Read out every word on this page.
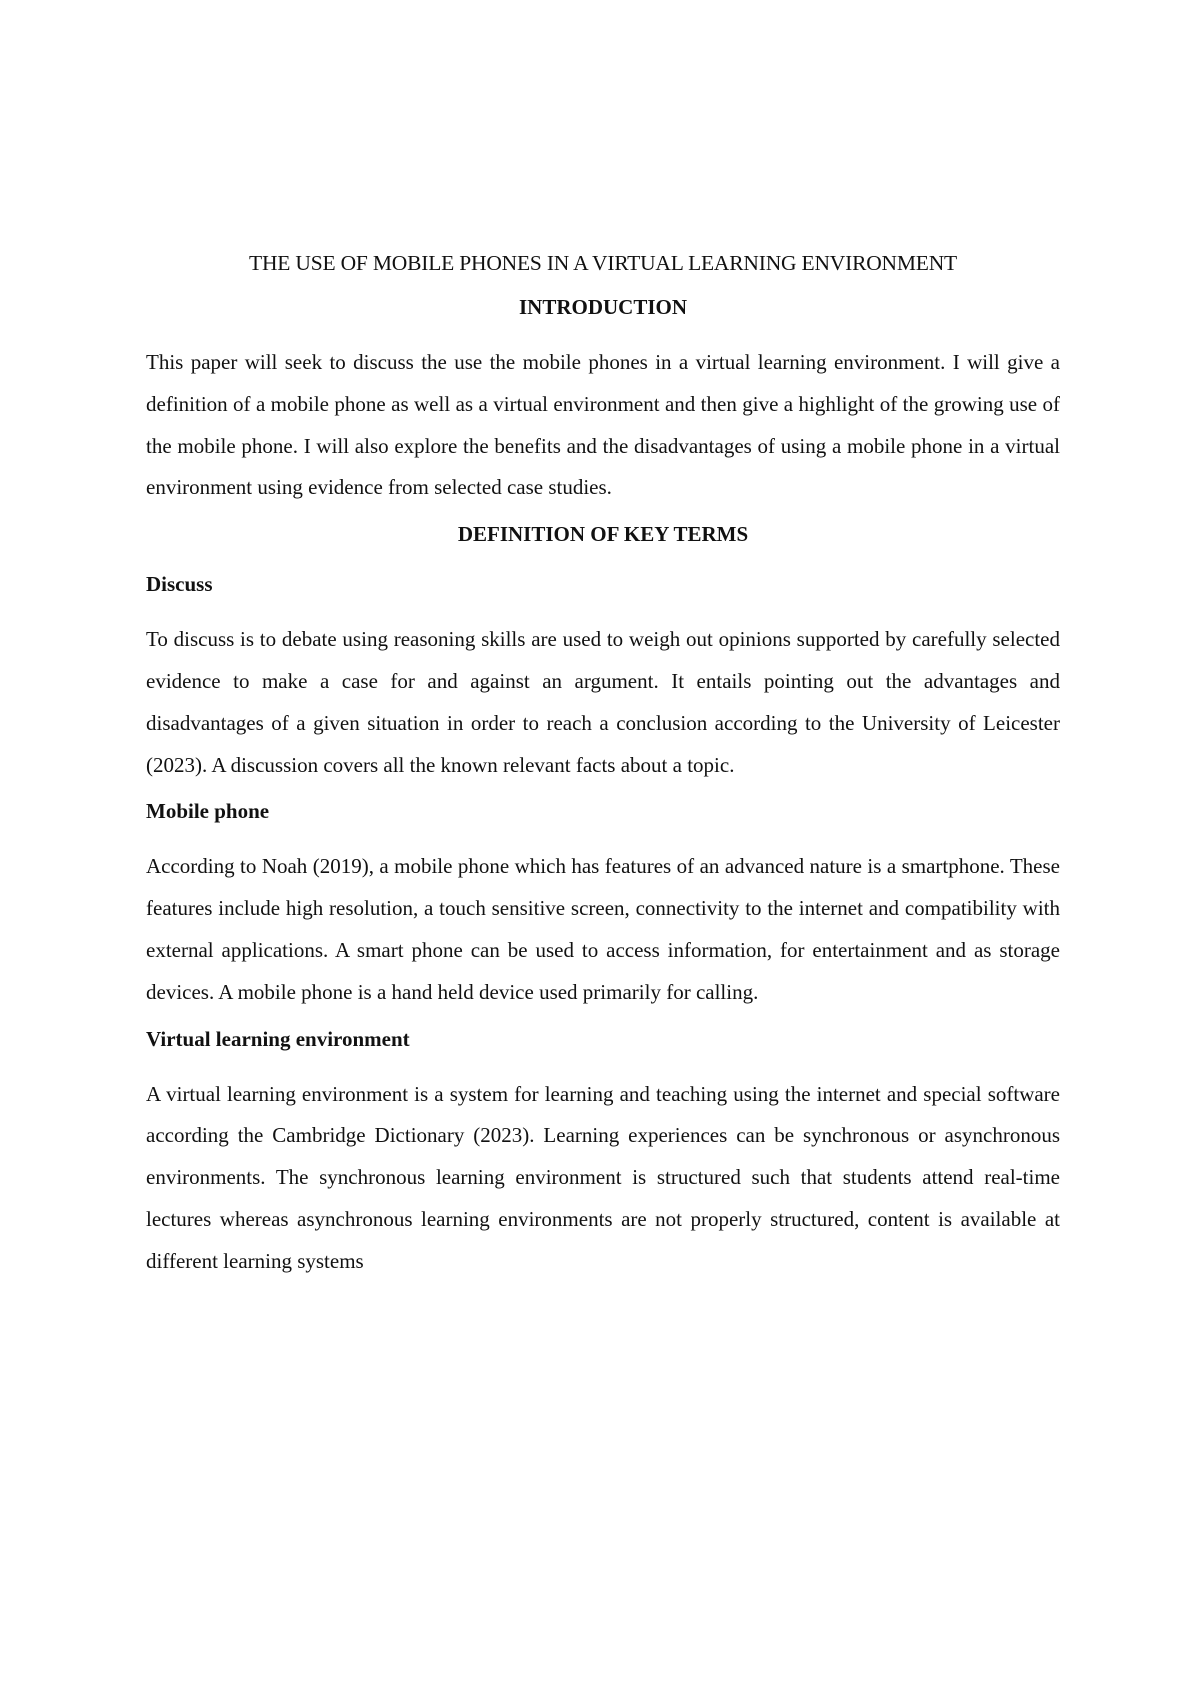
THE USE OF MOBILE PHONES IN A VIRTUAL LEARNING ENVIRONMENT
INTRODUCTION

This paper will seek to discuss the use the mobile phones in a virtual learning environment. I will give a definition of a mobile phone as well as a virtual environment and then give a highlight of the growing use of the mobile phone. I will also explore the benefits and the disadvantages of using a mobile phone in a virtual environment using evidence from selected case studies.

DEFINITION OF KEY TERMS
Discuss

To discuss is to debate using reasoning skills are used to weigh out opinions supported by carefully selected evidence to make a case for and against an argument. It entails pointing out the advantages and disadvantages of a given situation in order to reach a conclusion according to the University of Leicester (2023). A discussion covers all the known relevant facts about a topic.

Mobile phone

According to Noah (2019), a mobile phone which has features of an advanced nature is a smartphone. These features include high resolution, a touch sensitive screen, connectivity to the internet and compatibility with external applications. A smart phone can be used to access information, for entertainment and as storage devices. A mobile phone is a hand held device used primarily for calling.

Virtual learning environment

A virtual learning environment is a system for learning and teaching using the internet and special software according the Cambridge Dictionary (2023). Learning experiences can be synchronous or asynchronous environments. The synchronous learning environment is structured such that students attend real-time lectures whereas asynchronous learning environments are not properly structured, content is available at different learning systems
